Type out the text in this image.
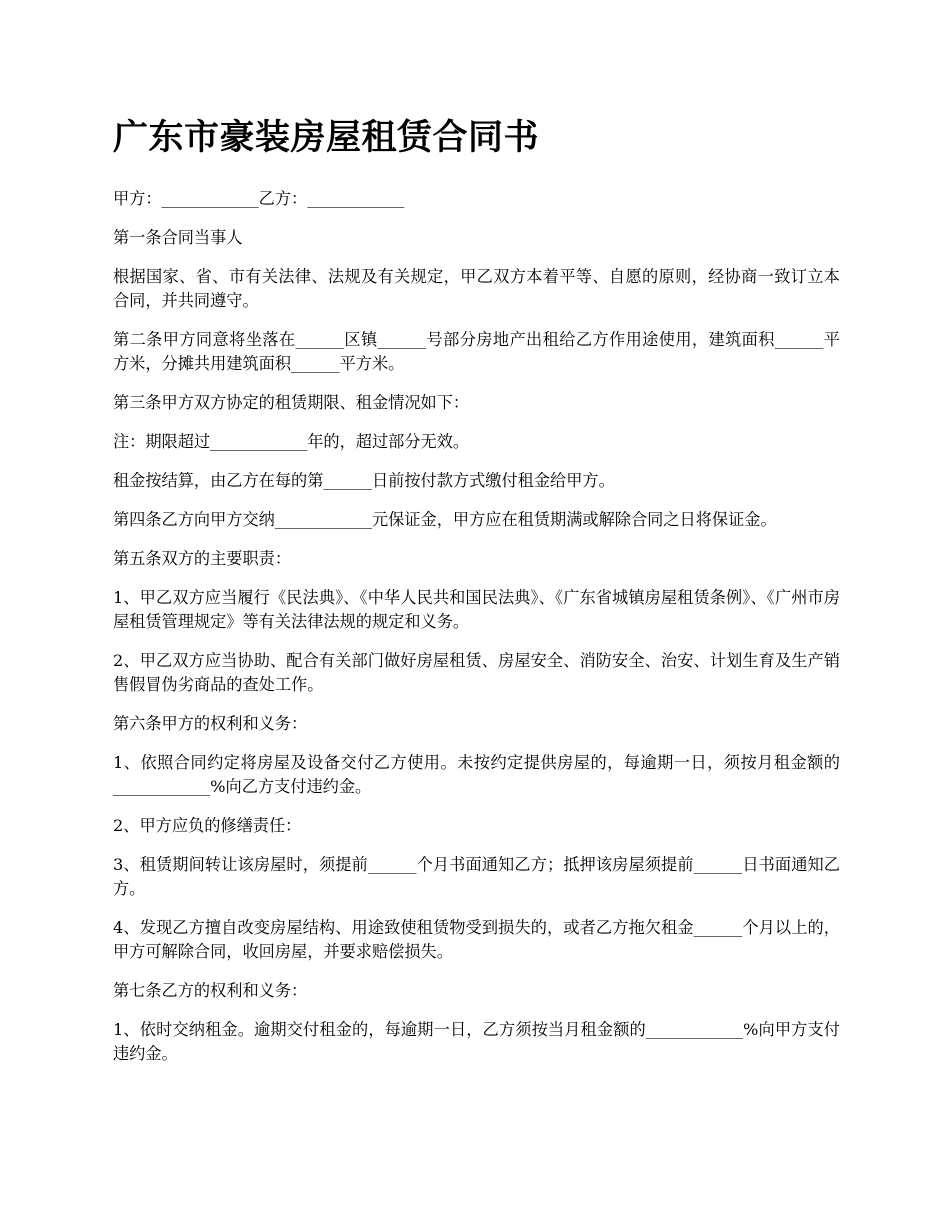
广东市豪装房屋租赁合同书

甲方：____________乙方：____________

第一条合同当事人

根据国家、省、市有关法律、法规及有关规定，甲乙双方本着平等、自愿的原则，经协商一致订立本合同，并共同遵守。

第二条甲方同意将坐落在______区镇______号部分房地产出租给乙方作用途使用，建筑面积______平方米，分摊共用建筑面积______平方米。

第三条甲方双方协定的租赁期限、租金情况如下：

注：期限超过____________年的，超过部分无效。

租金按结算，由乙方在每的第______日前按付款方式缴付租金给甲方。

第四条乙方向甲方交纳____________元保证金，甲方应在租赁期满或解除合同之日将保证金。

第五条双方的主要职责：

1、甲乙双方应当履行《民法典》、《中华人民共和国民法典》、《广东省城镇房屋租赁条例》、《广州市房屋租赁管理规定》等有关法律法规的规定和义务。

2、甲乙双方应当协助、配合有关部门做好房屋租赁、房屋安全、消防安全、治安、计划生育及生产销售假冒伪劣商品的查处工作。

第六条甲方的权利和义务：

1、依照合同约定将房屋及设备交付乙方使用。未按约定提供房屋的，每逾期一日，须按月租金额的____________%向乙方支付违约金。

2、甲方应负的修缮责任：

3、租赁期间转让该房屋时，须提前______个月书面通知乙方；抵押该房屋须提前______日书面通知乙方。

4、发现乙方擅自改变房屋结构、用途致使租赁物受到损失的，或者乙方拖欠租金______个月以上的，甲方可解除合同，收回房屋，并要求赔偿损失。

第七条乙方的权利和义务：

1、依时交纳租金。逾期交付租金的，每逾期一日，乙方须按当月租金额的____________%向甲方支付违约金。
